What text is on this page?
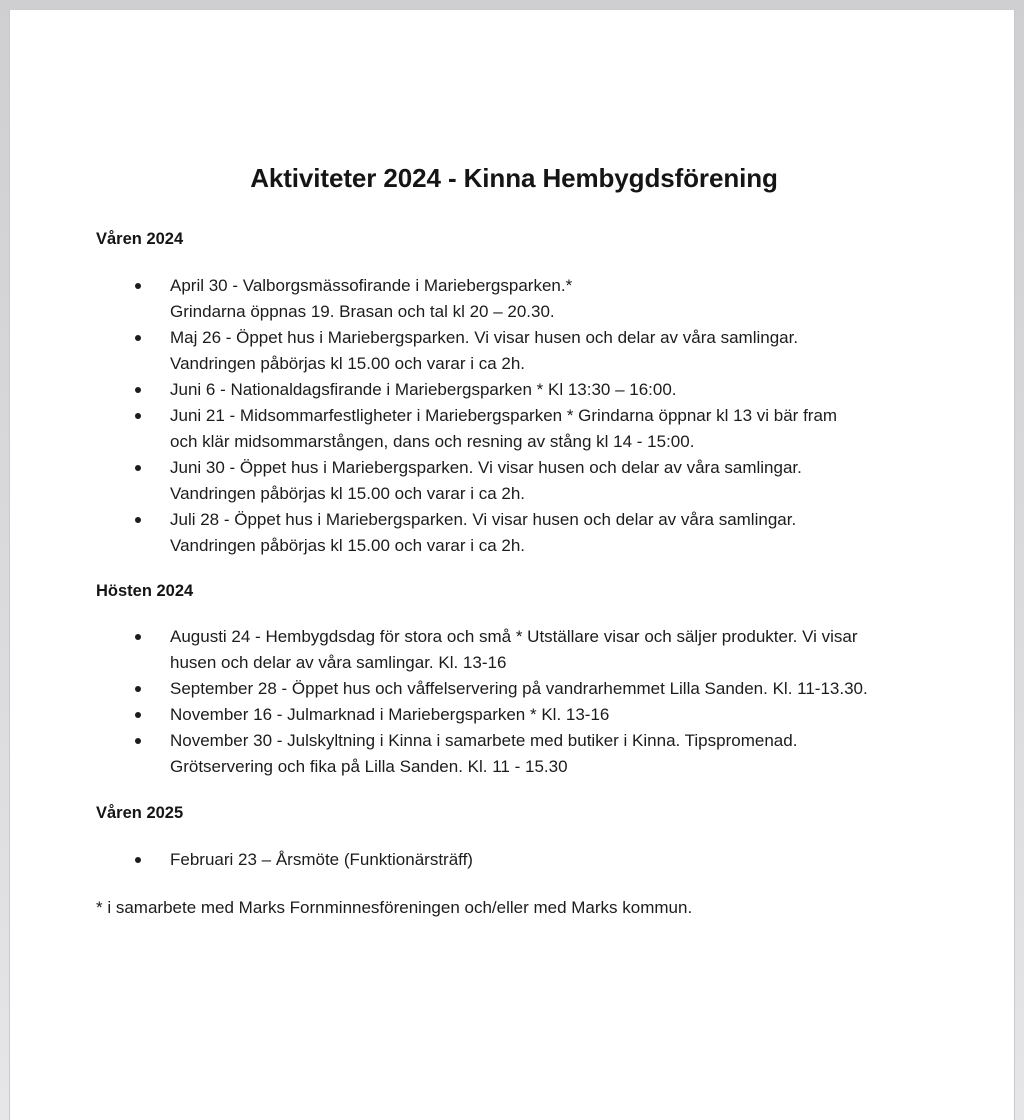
Aktiviteter 2024 - Kinna Hembygdsförening
Våren 2024
April 30 - Valborgsmässofirande i Mariebergsparken.*
Grindarna öppnas 19. Brasan och tal kl 20 – 20.30.
Maj 26 - Öppet hus i Mariebergsparken. Vi visar husen och delar av våra samlingar.
Vandringen påbörjas kl 15.00 och varar i ca 2h.
Juni 6 - Nationaldagsfirande i Mariebergsparken * Kl 13:30 – 16:00.
Juni 21 - Midsommarfestligheter i Mariebergsparken * Grindarna öppnar kl 13 vi bär fram
och klär midsommarstången, dans och resning av stång kl 14 - 15:00.
Juni 30 - Öppet hus i Mariebergsparken. Vi visar husen och delar av våra samlingar.
Vandringen påbörjas kl 15.00 och varar i ca 2h.
Juli 28 - Öppet hus i Mariebergsparken. Vi visar husen och delar av våra samlingar.
Vandringen påbörjas kl 15.00 och varar i ca 2h.
Hösten 2024
Augusti 24 - Hembygdsdag för stora och små * Utställare visar och säljer produkter. Vi visar
husen och delar av våra samlingar. Kl. 13-16
September 28 - Öppet hus och våffelservering på vandrarhemmet Lilla Sanden. Kl. 11-13.30.
November 16 - Julmarknad i Mariebergsparken * Kl. 13-16
November 30 - Julskyltning i Kinna i samarbete med butiker i Kinna. Tipspromenad.
Grötservering och fika på Lilla Sanden. Kl. 11 - 15.30
Våren 2025
Februari 23 – Årsmöte (Funktionärsträff)

* i samarbete med Marks Fornminnesföreningen och/eller med Marks kommun.
